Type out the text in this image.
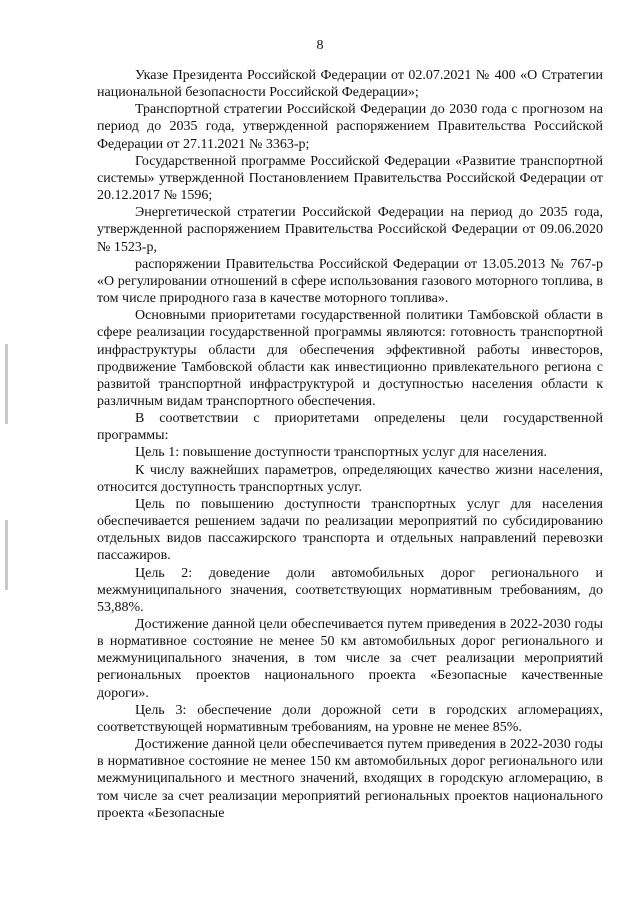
8

Указе Президента Российской Федерации от 02.07.2021 № 400 «О Стратегии национальной безопасности Российской Федерации»;

Транспортной стратегии Российской Федерации до 2030 года с прогнозом на период до 2035 года, утвержденной распоряжением Правительства Российской Федерации от 27.11.2021 № 3363-р;

Государственной программе Российской Федерации «Развитие транспортной системы» утвержденной Постановлением Правительства Российской Федерации от 20.12.2017 № 1596;

Энергетической стратегии Российской Федерации на период до 2035 года, утвержденной распоряжением Правительства Российской Федерации от 09.06.2020 № 1523-р,

распоряжении Правительства Российской Федерации от 13.05.2013 № 767-р «О регулировании отношений в сфере использования газового моторного топлива, в том числе природного газа в качестве моторного топлива».

Основными приоритетами государственной политики Тамбовской области в сфере реализации государственной программы являются: готовность транспортной инфраструктуры области для обеспечения эффективной работы инвесторов, продвижение Тамбовской области как инвестиционно привлекательного региона с развитой транспортной инфраструктурой и доступностью населения области к различным видам транспортного обеспечения.

В соответствии с приоритетами определены цели государственной программы:

Цель 1: повышение доступности транспортных услуг для населения.

К числу важнейших параметров, определяющих качество жизни населения, относится доступность транспортных услуг.

Цель по повышению доступности транспортных услуг для населения обеспечивается решением задачи по реализации мероприятий по субсидированию отдельных видов пассажирского транспорта и отдельных направлений перевозки пассажиров.

Цель 2: доведение доли автомобильных дорог регионального и межмуниципального значения, соответствующих нормативным требованиям, до 53,88%.

Достижение данной цели обеспечивается путем приведения в 2022-2030 годы в нормативное состояние не менее 50 км автомобильных дорог регионального и межмуниципального значения, в том числе за счет реализации мероприятий региональных проектов национального проекта «Безопасные качественные дороги».

Цель 3: обеспечение доли дорожной сети в городских агломерациях, соответствующей нормативным требованиям, на уровне не менее 85%.

Достижение данной цели обеспечивается путем приведения в 2022-2030 годы в нормативное состояние не менее 150 км автомобильных дорог регионального или межмуниципального и местного значений, входящих в городскую агломерацию, в том числе за счет реализации мероприятий региональных проектов национального проекта «Безопасные
